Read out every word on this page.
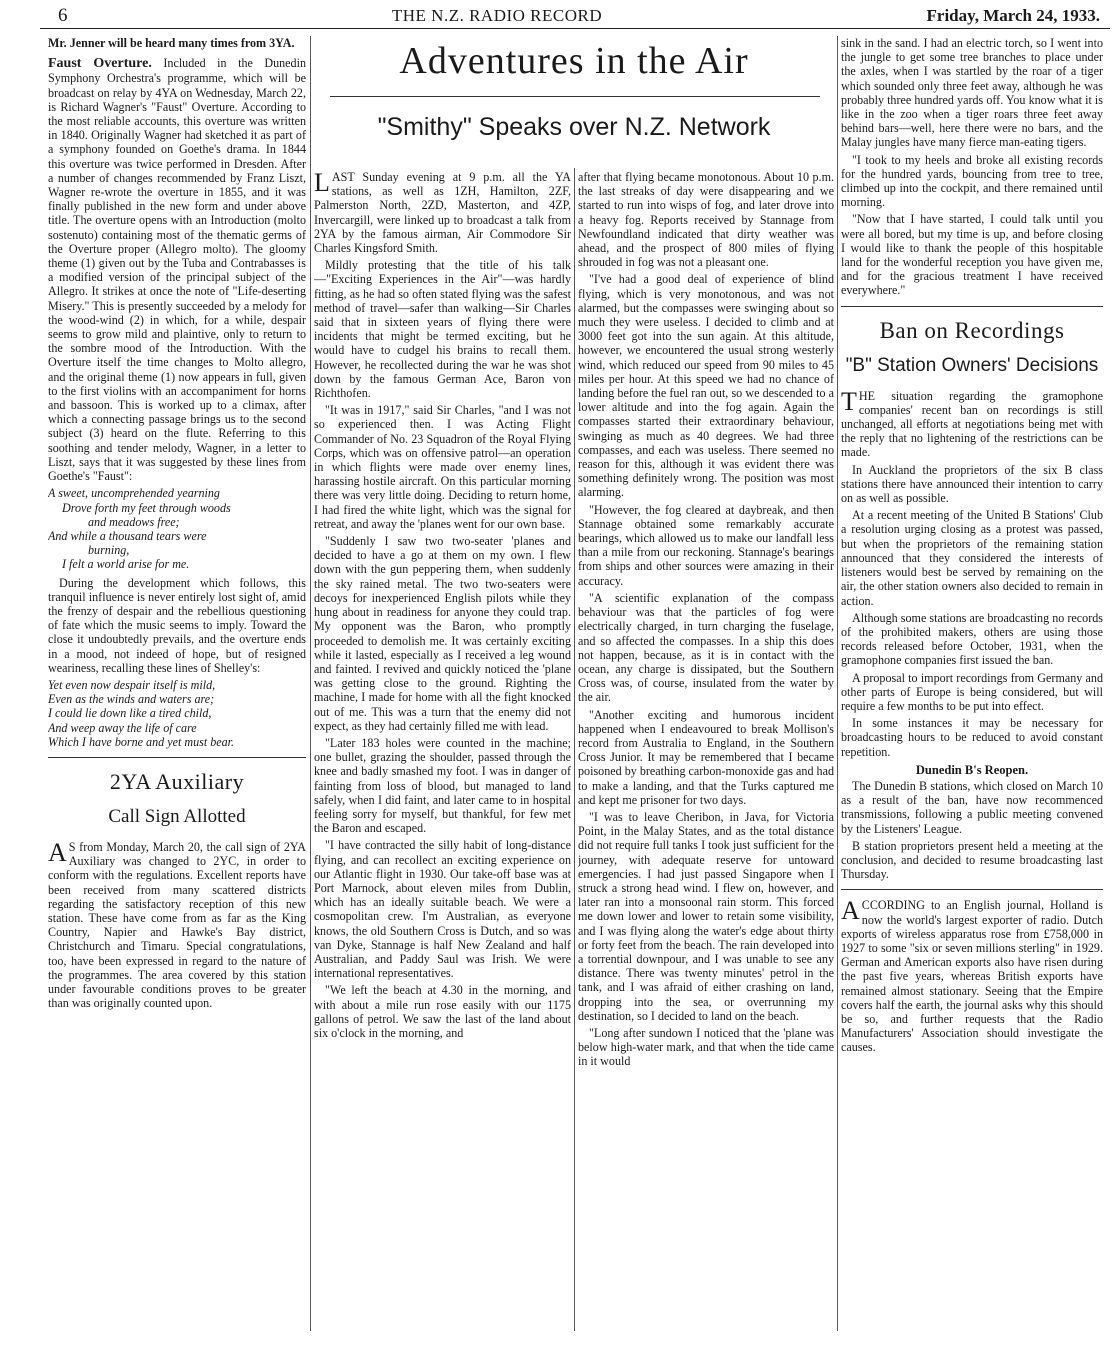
6	THE N.Z. RADIO RECORD	Friday, March 24, 1933.

Mr. Jenner will be heard many times from 3YA.

Faust Overture. Included in the Dunedin Symphony Orchestra's programme, which will be broadcast on relay by 4YA on Wednesday, March 22, is Richard Wagner's "Faust" Overture. According to the most reliable accounts, this overture was written in 1840. Originally Wagner had sketched it as part of a symphony founded on Goethe's drama. In 1844 this overture was twice performed in Dresden. After a number of changes recommended by Franz Liszt, Wagner re-wrote the overture in 1855, and it was finally published in the new form and under above title. The overture opens with an Introduction (molto sostenuto) containing most of the thematic germs of the Overture proper (Allegro molto). The gloomy theme (1) given out by the Tuba and Contrabasses is a modified version of the principal subject of the Allegro. It strikes at once the note of "Life-deserting Misery." This is presently succeeded by a melody for the wood-wind (2) in which, for a while, despair seems to grow mild and plaintive, only to return to the sombre mood of the Introduction. With the Overture itself the time changes to Molto allegro, and the original theme (1) now appears in full, given to the first violins with an accompaniment for horns and bassoon. This is worked up to a climax, after which a connecting passage brings us to the second subject (3) heard on the flute. Referring to this soothing and tender melody, Wagner, in a letter to Liszt, says that it was suggested by these lines from Goethe's "Faust":

A sweet, uncomprehended yearning
Drove forth my feet through woods
and meadows free;
And while a thousand tears were
burning,
I felt a world arise for me.

During the development which follows, this tranquil influence is never entirely lost sight of, amid the frenzy of despair and the rebellious questioning of fate which the music seems to imply. Toward the close it undoubtedly prevails, and the overture ends in a mood, not indeed of hope, but of resigned weariness, recalling these lines of Shelley's:

Yet even now despair itself is mild,
Even as the winds and waters are;
I could lie down like a tired child,
And weep away the life of care
Which I have borne and yet must bear.
2YA Auxiliary
Call Sign Allotted

A S from Monday, March 20, the call sign of 2YA Auxiliary was changed to 2YC, in order to conform with the regulations. Excellent reports have been received from many scattered districts regarding the satisfactory reception of this new station. These have come from as far as the King Country, Napier and Hawke's Bay district, Christchurch and Timaru. Special congratulations, too, have been expressed in regard to the nature of the programmes. The area covered by this station under favourable conditions proves to be greater than was originally counted upon.

Adventures in the Air
"Smithy" Speaks over N.Z. Network

L AST Sunday evening at 9 p.m. all the YA stations, as well as 1ZH, Hamilton, 2ZF, Palmerston North, 2ZD, Masterton, and 4ZP, Invercargill, were linked up to broadcast a talk from 2YA by the famous airman, Air Commodore Sir Charles Kingsford Smith.

Mildly protesting that the title of his talk—"Exciting Experiences in the Air"—was hardly fitting, as he had so often stated flying was the safest method of travel—safer than walking—Sir Charles said that in sixteen years of flying there were incidents that might be termed exciting, but he would have to cudgel his brains to recall them. However, he recollected during the war he was shot down by the famous German Ace, Baron von Richthofen.

"It was in 1917," said Sir Charles, "and I was not so experienced then. I was Acting Flight Commander of No. 23 Squadron of the Royal Flying Corps, which was on offensive patrol—an operation in which flights were made over enemy lines, harassing hostile aircraft. On this particular morning there was very little doing. Deciding to return home, I had fired the white light, which was the signal for retreat, and away the 'planes went for our own base.

"Suddenly I saw two two-seater 'planes and decided to have a go at them on my own. I flew down with the gun peppering them, when suddenly the sky rained metal. The two two-seaters were decoys for inexperienced English pilots while they hung about in readiness for anyone they could trap. My opponent was the Baron, who promptly proceeded to demolish me. It was certainly exciting while it lasted, especially as I received a leg wound and fainted. I revived and quickly noticed the 'plane was getting close to the ground. Righting the machine, I made for home with all the fight knocked out of me. This was a turn that the enemy did not expect, as they had certainly filled me with lead.

"Later 183 holes were counted in the machine; one bullet, grazing the shoulder, passed through the knee and badly smashed my foot. I was in danger of fainting from loss of blood, but managed to land safely, when I did faint, and later came to in hospital feeling sorry for myself, but thankful, for few met the Baron and escaped.

"I have contracted the silly habit of long-distance flying, and can recollect an exciting experience on our Atlantic flight in 1930. Our take-off base was at Port Marnock, about eleven miles from Dublin, which has an ideally suitable beach. We were a cosmopolitan crew. I'm Australian, as everyone knows, the old Southern Cross is Dutch, and so was van Dyke, Stannage is half New Zealand and half Australian, and Paddy Saul was Irish. We were international representatives.

"We left the beach at 4.30 in the morning, and with about a mile run rose easily with our 1175 gallons of petrol. We saw the last of the land about six o'clock in the morning, and

after that flying became monotonous. About 10 p.m. the last streaks of day were disappearing and we started to run into wisps of fog, and later drove into a heavy fog. Reports received by Stannage from Newfoundland indicated that dirty weather was ahead, and the prospect of 800 miles of flying shrouded in fog was not a pleasant one.

"I've had a good deal of experience of blind flying, which is very monotonous, and was not alarmed, but the compasses were swinging about so much they were useless. I decided to climb and at 3000 feet got into the sun again. At this altitude, however, we encountered the usual strong westerly wind, which reduced our speed from 90 miles to 45 miles per hour. At this speed we had no chance of landing before the fuel ran out, so we descended to a lower altitude and into the fog again. Again the compasses started their extraordinary behaviour, swinging as much as 40 degrees. We had three compasses, and each was useless. There seemed no reason for this, although it was evident there was something definitely wrong. The position was most alarming.

"However, the fog cleared at daybreak, and then Stannage obtained some remarkably accurate bearings, which allowed us to make our landfall less than a mile from our reckoning. Stannage's bearings from ships and other sources were amazing in their accuracy.

"A scientific explanation of the compass behaviour was that the particles of fog were electrically charged, in turn charging the fuselage, and so affected the compasses. In a ship this does not happen, because, as it is in contact with the ocean, any charge is dissipated, but the Southern Cross was, of course, insulated from the water by the air.

"Another exciting and humorous incident happened when I endeavoured to break Mollison's record from Australia to England, in the Southern Cross Junior. It may be remembered that I became poisoned by breathing carbon-monoxide gas and had to make a landing, and that the Turks captured me and kept me prisoner for two days.

"I was to leave Cheribon, in Java, for Victoria Point, in the Malay States, and as the total distance did not require full tanks I took just sufficient for the journey, with adequate reserve for untoward emergencies. I had just passed Singapore when I struck a strong head wind. I flew on, however, and later ran into a monsoonal rain storm. This forced me down lower and lower to retain some visibility, and I was flying along the water's edge about thirty or forty feet from the beach. The rain developed into a torrential downpour, and I was unable to see any distance. There was twenty minutes' petrol in the tank, and I was afraid of either crashing on land, dropping into the sea, or overrunning my destination, so I decided to land on the beach.

"Long after sundown I noticed that the 'plane was below high-water mark, and that when the tide came in it would

sink in the sand. I had an electric torch, so I went into the jungle to get some tree branches to place under the axles, when I was startled by the roar of a tiger which sounded only three feet away, although he was probably three hundred yards off. You know what it is like in the zoo when a tiger roars three feet away behind bars—well, here there were no bars, and the Malay jungles have many fierce man-eating tigers.

"I took to my heels and broke all existing records for the hundred yards, bouncing from tree to tree, climbed up into the cockpit, and there remained until morning.

"Now that I have started, I could talk until you were all bored, but my time is up, and before closing I would like to thank the people of this hospitable land for the wonderful reception you have given me, and for the gracious treatment I have received everywhere."

Ban on Recordings
"B" Station Owners' Decisions

T HE situation regarding the gramophone companies' recent ban on recordings is still unchanged, all efforts at negotiations being met with the reply that no lightening of the restrictions can be made.

In Auckland the proprietors of the six B class stations there have announced their intention to carry on as well as possible.

At a recent meeting of the United B Stations' Club a resolution urging closing as a protest was passed, but when the proprietors of the remaining station announced that they considered the interests of listeners would best be served by remaining on the air, the other station owners also decided to remain in action.

Although some stations are broadcasting no records of the prohibited makers, others are using those records released before October, 1931, when the gramophone companies first issued the ban.

A proposal to import recordings from Germany and other parts of Europe is being considered, but will require a few months to be put into effect.

In some instances it may be necessary for broadcasting hours to be reduced to avoid constant repetition.

Dunedin B's Reopen.

The Dunedin B stations, which closed on March 10 as a result of the ban, have now recommenced transmissions, following a public meeting convened by the Listeners' League.

B station proprietors present held a meeting at the conclusion, and decided to resume broadcasting last Thursday.

A CCORDING to an English journal, Holland is now the world's largest exporter of radio. Dutch exports of wireless apparatus rose from £758,000 in 1927 to some "six or seven millions sterling" in 1929. German and American exports also have risen during the past five years, whereas British exports have remained almost stationary. Seeing that the Empire covers half the earth, the journal asks why this should be so, and further requests that the Radio Manufacturers' Association should investigate the causes.
